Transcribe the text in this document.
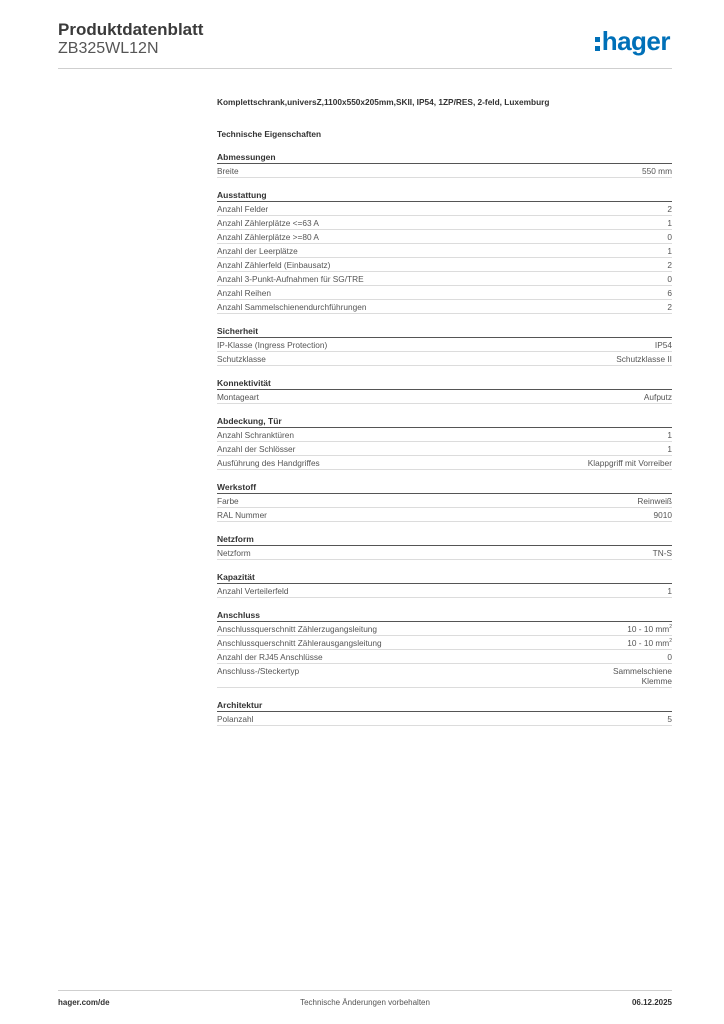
Produktdatenblatt
ZB325WL12N	hager
Komplettschrank,universZ,1100x550x205mm,SKII, IP54, 1ZP/RES, 2-feld, Luxemburg
Technische Eigenschaften
Abmessungen
Breite	550 mm
Ausstattung
Anzahl Felder	2
Anzahl Zählerplätze <=63 A	1
Anzahl Zählerplätze >=80 A	0
Anzahl der Leerplätze	1
Anzahl Zählerfeld (Einbausatz)	2
Anzahl 3-Punkt-Aufnahmen für SG/TRE	0
Anzahl Reihen	6
Anzahl Sammelschienendurchführungen	2
Sicherheit
IP-Klasse (Ingress Protection)	IP54
Schutzklasse	Schutzklasse II
Konnektivität
Montageart	Aufputz
Abdeckung, Tür
Anzahl Schranktüren	1
Anzahl der Schlösser	1
Ausführung des Handgriffes	Klappgriff mit Vorreiber
Werkstoff
Farbe	Reinweiß
RAL Nummer	9010
Netzform
Netzform	TN-S
Kapazität
Anzahl Verteilerfeld	1
Anschluss
Anschlussquerschnitt Zählerzugangsleitung	10 - 10 $mm^2$
Anschlussquerschnitt Zählerausgangsleitung	10 - 10 $mm^2$
Anzahl der RJ45 Anschlüsse	0
Anschluss-/Steckertyp	Sammelschiene
Klemme
Architektur
Polanzahl	5
hager.com/de	Technische Änderungen vorbehalten	06.12.2025
